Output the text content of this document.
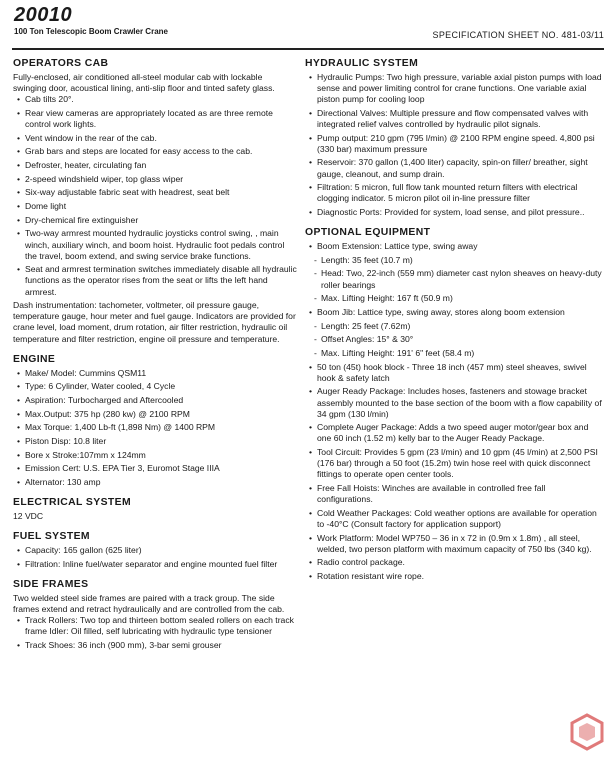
20010
100 Ton Telescopic Boom Crawler Crane	SPECIFICATION SHEET NO. 481-03/11
OPERATORS CAB

Fully-enclosed, air conditioned all-steel modular cab with lockable swinging door, acoustical lining, anti-slip floor and tinted safety glass.

• Cab tilts 20°.
• Rear view cameras are appropriately located as are three remote control work lights.
• Vent window in the rear of the cab.
• Grab bars and steps are located for easy access to the cab.
• Defroster, heater, circulating fan
• 2-speed windshield wiper, top glass wiper
• Six-way adjustable fabric seat with headrest, seat belt
• Dome light
• Dry-chemical fire extinguisher
• Two-way armrest mounted hydraulic joysticks control swing, , main winch, auxiliary winch, and boom hoist. Hydraulic foot pedals control the travel, boom extend, and swing service brake functions.
• Seat and armrest termination switches immediately disable all hydraulic functions as the operator rises from the seat or lifts the left hand armrest.

Dash instrumentation: tachometer, voltmeter, oil pressure gauge, temperature gauge, hour meter and fuel gauge. Indicators are provided for crane level, load moment, drum rotation, air filter restriction, hydraulic oil temperature and filter restriction, engine oil pressure and temperature.

ENGINE
• Make/ Model: Cummins QSM11
• Type: 6 Cylinder, Water cooled, 4 Cycle
• Aspiration: Turbocharged and Aftercooled
• Max.Output: 375 hp (280 kw) @ 2100 RPM
• Max Torque: 1,400 Lb-ft (1,898 Nm) @ 1400 RPM
• Piston Disp: 10.8 liter
• Bore x Stroke:107mm x 124mm
• Emission Cert: U.S. EPA Tier 3, Euromot Stage IIIA
• Alternator: 130 amp
ELECTRICAL SYSTEM

12 VDC

FUEL SYSTEM
• Capacity: 165 gallon (625 liter)
• Filtration: Inline fuel/water separator and engine mounted fuel filter
SIDE FRAMES

Two welded steel side frames are paired with a track group. The side frames extend and retract hydraulically and are controlled from the cab.

• Track Rollers: Two top and thirteen bottom sealed rollers on each track frame Idler: Oil filled, self lubricating with hydraulic type tensioner
• Track Shoes: 36 inch (900 mm), 3-bar semi grouser
HYDRAULIC SYSTEM
• Hydraulic Pumps: Two high pressure, variable axial piston pumps with load sense and power limiting control for crane functions. One variable axial piston pump for cooling loop
• Directional Valves: Multiple pressure and flow compensated valves with integrated relief valves controlled by hydraulic pilot signals.
• Pump output: 210 gpm (795 l/min) @ 2100 RPM engine speed. 4,800 psi (330 bar) maximum pressure
• Reservoir: 370 gallon (1,400 liter) capacity, spin-on filler/ breather, sight gauge, cleanout, and sump drain.
• Filtration: 5 micron, full flow tank mounted return filters with electrical clogging indicator. 5 micron pilot oil in-line pressure filter
• Diagnostic Ports: Provided for system, load sense, and pilot pressure..
OPTIONAL EQUIPMENT
• Boom Extension: Lattice type, swing away
- Length: 35 feet (10.7 m)
- Head: Two, 22-inch (559 mm) diameter cast nylon sheaves on heavy-duty roller bearings
- Max. Lifting Height: 167 ft (50.9 m)
• Boom Jib: Lattice type, swing away, stores along boom extension
- Length: 25 feet (7.62m)
- Offset Angles: 15° & 30°
- Max. Lifting Height: 191' 6" feet (58.4 m)
• 50 ton (45t) hook block - Three 18 inch (457 mm) steel sheaves, swivel hook & safety latch
• Auger Ready Package: Includes hoses, fasteners and stowage bracket assembly mounted to the base section of the boom with a flow capability of 34 gpm (130 l/min)
• Complete Auger Package: Adds a two speed auger motor/gear box and one 60 inch (1.52 m) kelly bar to the Auger Ready Package.
• Tool Circuit: Provides 5 gpm (23 l/min) and 10 gpm (45 l/min) at 2,500 PSI (176 bar) through a 50 foot (15.2m) twin hose reel with quick disconnect fittings to operate open center tools.
• Free Fall Hoists: Winches are available in controlled free fall configurations.
• Cold Weather Packages: Cold weather options are available for operation to -40°C (Consult factory for application support)
• Work Platform: Model WP750 – 36 in x 72 in (0.9m x 1.8m) , all steel, welded, two person platform with maximum capacity of 750 lbs (340 kg).
• Radio control package.
• Rotation resistant wire rope.
